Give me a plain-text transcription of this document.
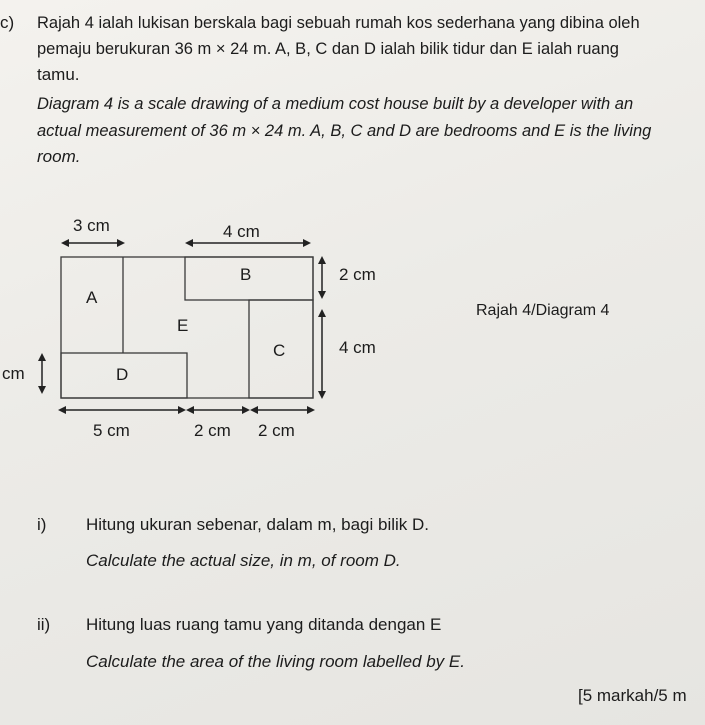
c) Rajah 4 ialah lukisan berskala bagi sebuah rumah kos sederhana yang dibina oleh
pemaju berukuran 36 m × 24 m. A, B, C dan D ialah bilik tidur dan E ialah ruang
tamu.
Diagram 4 is a scale drawing of a medium cost house built by a developer with an
actual measurement of 36 m × 24 m. A, B, C and D are bedrooms and E is the living
room.
A
B
C
D
E
3 cm	4 cm
2 cm
4 cm
cm
5 cm	2 cm 2 cm
Rajah 4/Diagram 4
i) Hitung ukuran sebenar, dalam m, bagi bilik D.
Calculate the actual size, in m, of room D.
ii) Hitung luas ruang tamu yang ditanda dengan E
Calculate the area of the living room labelled by E.
[5 markah/5 m
